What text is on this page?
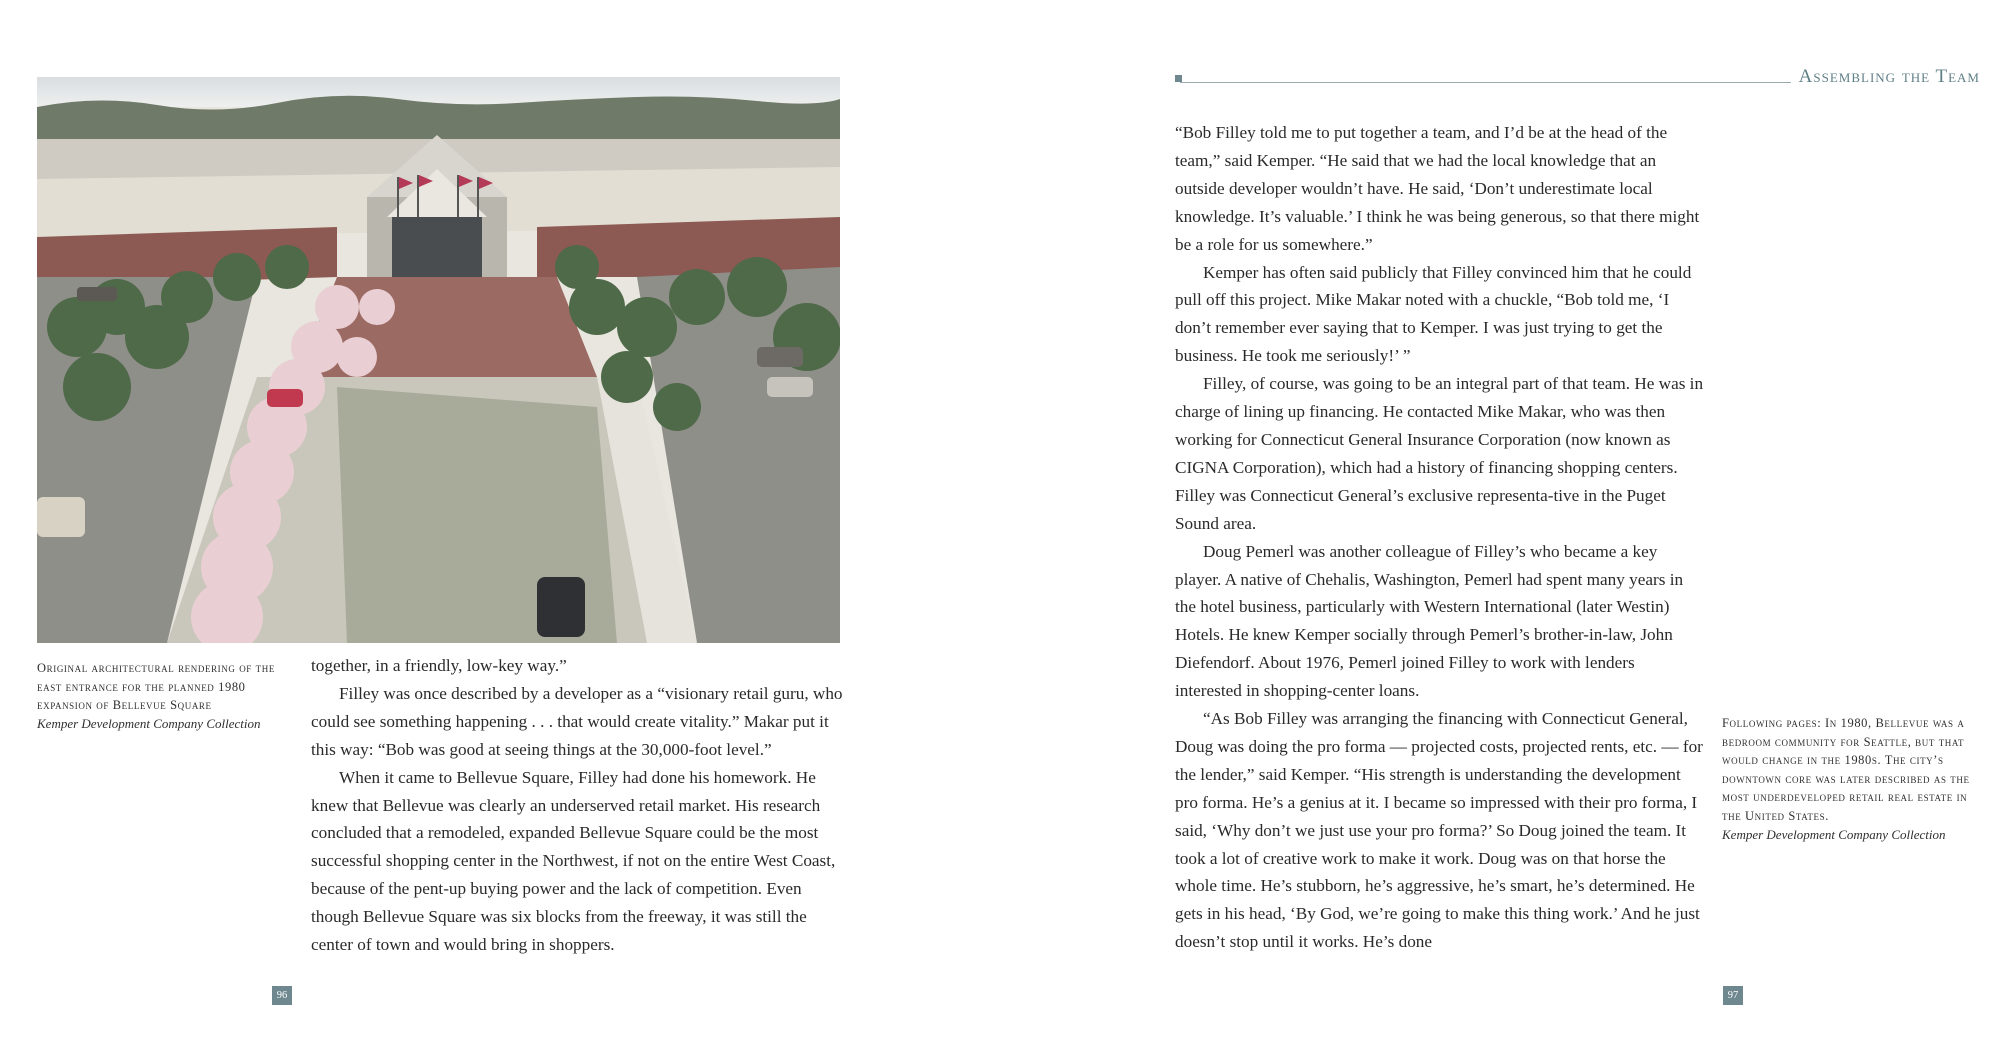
Original architectural rendering of the east entrance for the planned 1980 expansion of Bellevue Square
Kemper Development Company Collection

together, in a friendly, low-key way.”

Filley was once described by a developer as a “visionary retail guru, who could see something happening . . . that would create vitality.” Makar put it this way: “Bob was good at seeing things at the 30,000-foot level.”

When it came to Bellevue Square, Filley had done his homework. He knew that Bellevue was clearly an underserved retail market. His research concluded that a remodeled, expanded Bellevue Square could be the most successful shopping center in the Northwest, if not on the entire West Coast, because of the pent-up buying power and the lack of competition. Even though Bellevue Square was six blocks from the freeway, it was still the center of town and would bring in shoppers.

96
Assembling the Team

“Bob Filley told me to put together a team, and I’d be at the head of the team,” said Kemper. “He said that we had the local knowledge that an outside developer wouldn’t have. He said, ‘Don’t underestimate local knowledge. It’s valuable.’ I think he was being generous, so that there might be a role for us somewhere.”

Kemper has often said publicly that Filley convinced him that he could pull off this project. Mike Makar noted with a chuckle, “Bob told me, ‘I don’t remember ever saying that to Kemper. I was just trying to get the business. He took me seriously!’ ”

Filley, of course, was going to be an integral part of that team. He was in charge of lining up financing. He contacted Mike Makar, who was then working for Connecticut General Insurance Corporation (now known as CIGNA Corporation), which had a history of financing shopping centers. Filley was Connecticut General’s exclusive representa-tive in the Puget Sound area.

Doug Pemerl was another colleague of Filley’s who became a key player. A native of Chehalis, Washington, Pemerl had spent many years in the hotel business, particularly with Western International (later Westin) Hotels. He knew Kemper socially through Pemerl’s brother-in-law, John Diefendorf. About 1976, Pemerl joined Filley to work with lenders interested in shopping-center loans.

“As Bob Filley was arranging the financing with Connecticut General, Doug was doing the pro forma — projected costs, projected rents, etc. — for the lender,” said Kemper. “His strength is understanding the development pro forma. He’s a genius at it. I became so impressed with their pro forma, I said, ‘Why don’t we just use your pro forma?’ So Doug joined the team. It took a lot of creative work to make it work. Doug was on that horse the whole time. He’s stubborn, he’s aggressive, he’s smart, he’s determined. He gets in his head, ‘By God, we’re going to make this thing work.’ And he just doesn’t stop until it works. He’s done

Following pages: In 1980, Bellevue was a bedroom community for Seattle, but that would change in the 1980s. The city’s downtown core was later described as the most underdeveloped retail real estate in the United States.
Kemper Development Company Collection
97
